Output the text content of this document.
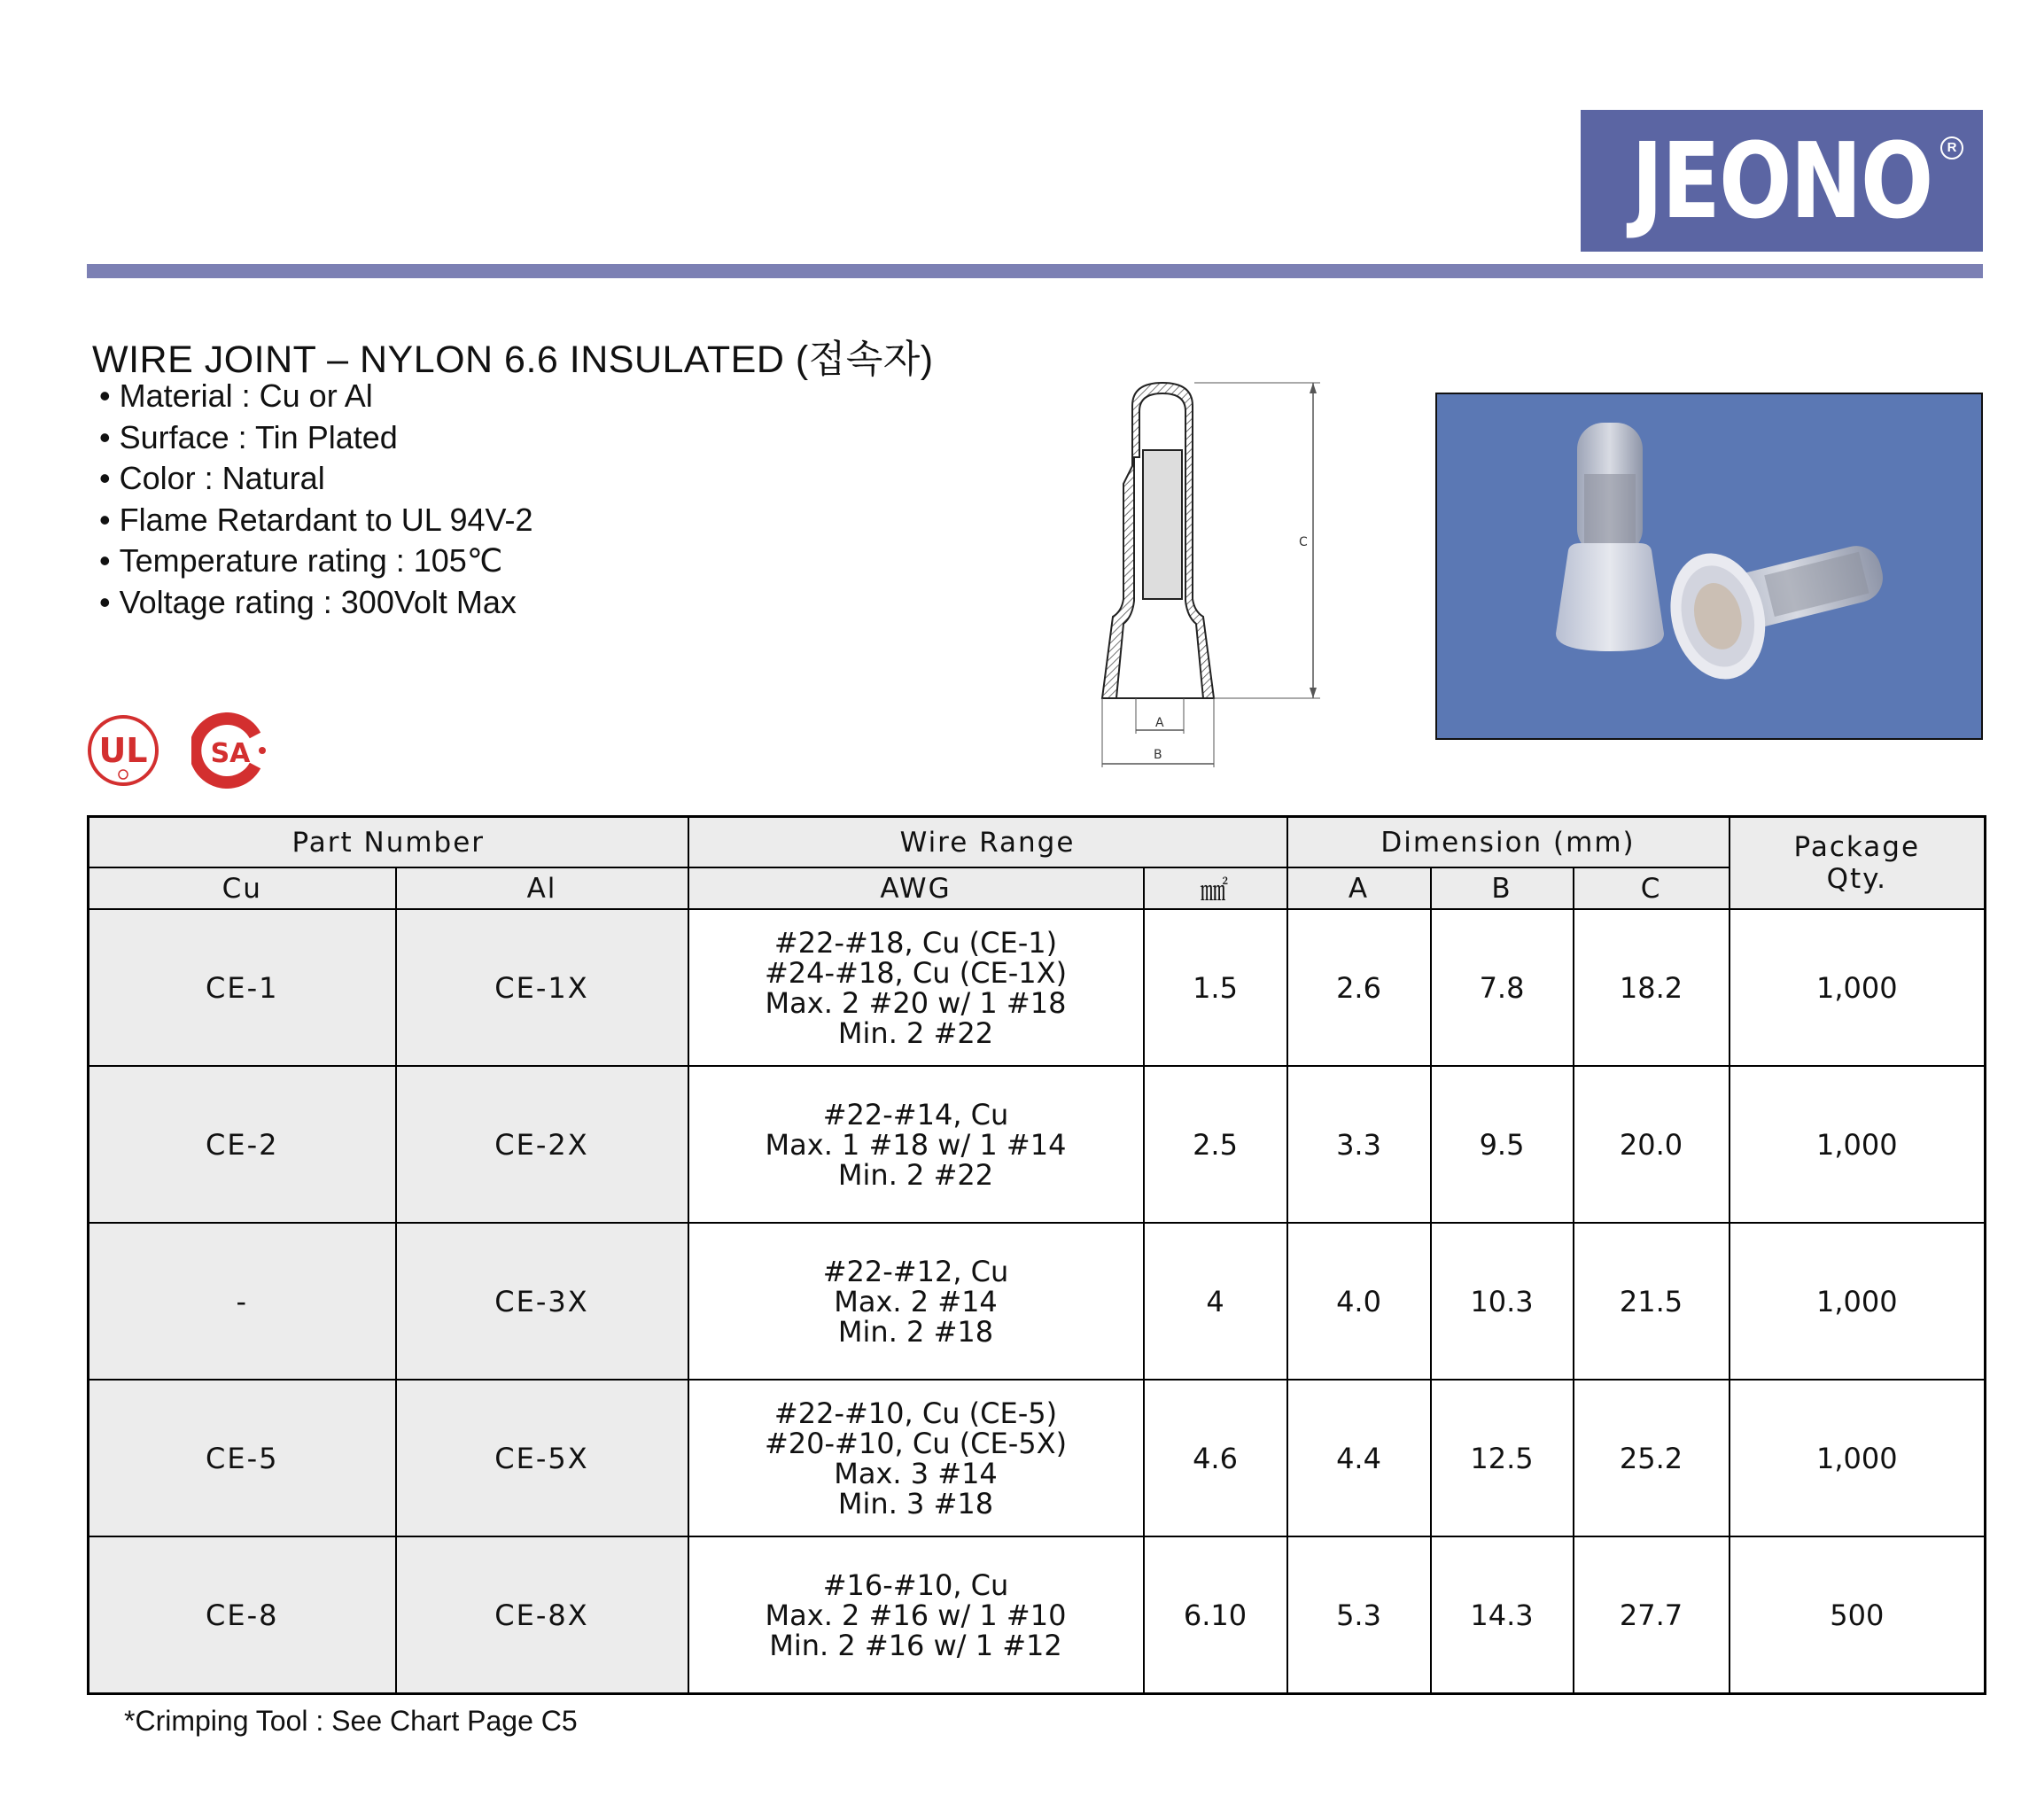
JEONO	R
WIRE JOINT – NYLON 6.6 INSULATED (접속자)
• Material : Cu or Al
• Surface : Tin Plated
• Color : Natural
• Flame Retardant to UL 94V-2
• Temperature rating : 105℃
• Voltage rating : 300Volt Max
UL SA
C
A
B
Part Number		Wire Range		Dimension (mm)			Package
Qty.

Cu	Al	AWG	㎟	A	B	C	
CE-1	CE-1X	#22-#18, Cu (CE-1)
#24-#18, Cu (CE-1X)
Max. 2 #20 w/ 1 #18
Min. 2 #22	1.5	2.6	7.8	18.2	1,000
CE-2	CE-2X	#22-#14, Cu
Max. 1 #18 w/ 1 #14
Min. 2 #22	2.5	3.3	9.5	20.0	1,000
-	CE-3X	#22-#12, Cu
Max. 2 #14
Min. 2 #18	4	4.0	10.3	21.5	1,000
CE-5	CE-5X	#22-#10, Cu (CE-5)
#20-#10, Cu (CE-5X)
Max. 3 #14
Min. 3 #18	4.6	4.4	12.5	25.2	1,000
CE-8	CE-8X	#16-#10, Cu
Max. 2 #16 w/ 1 #10
Min. 2 #16 w/ 1 #12	6.10	5.3	14.3	27.7	500
*Crimping Tool : See Chart Page C5
